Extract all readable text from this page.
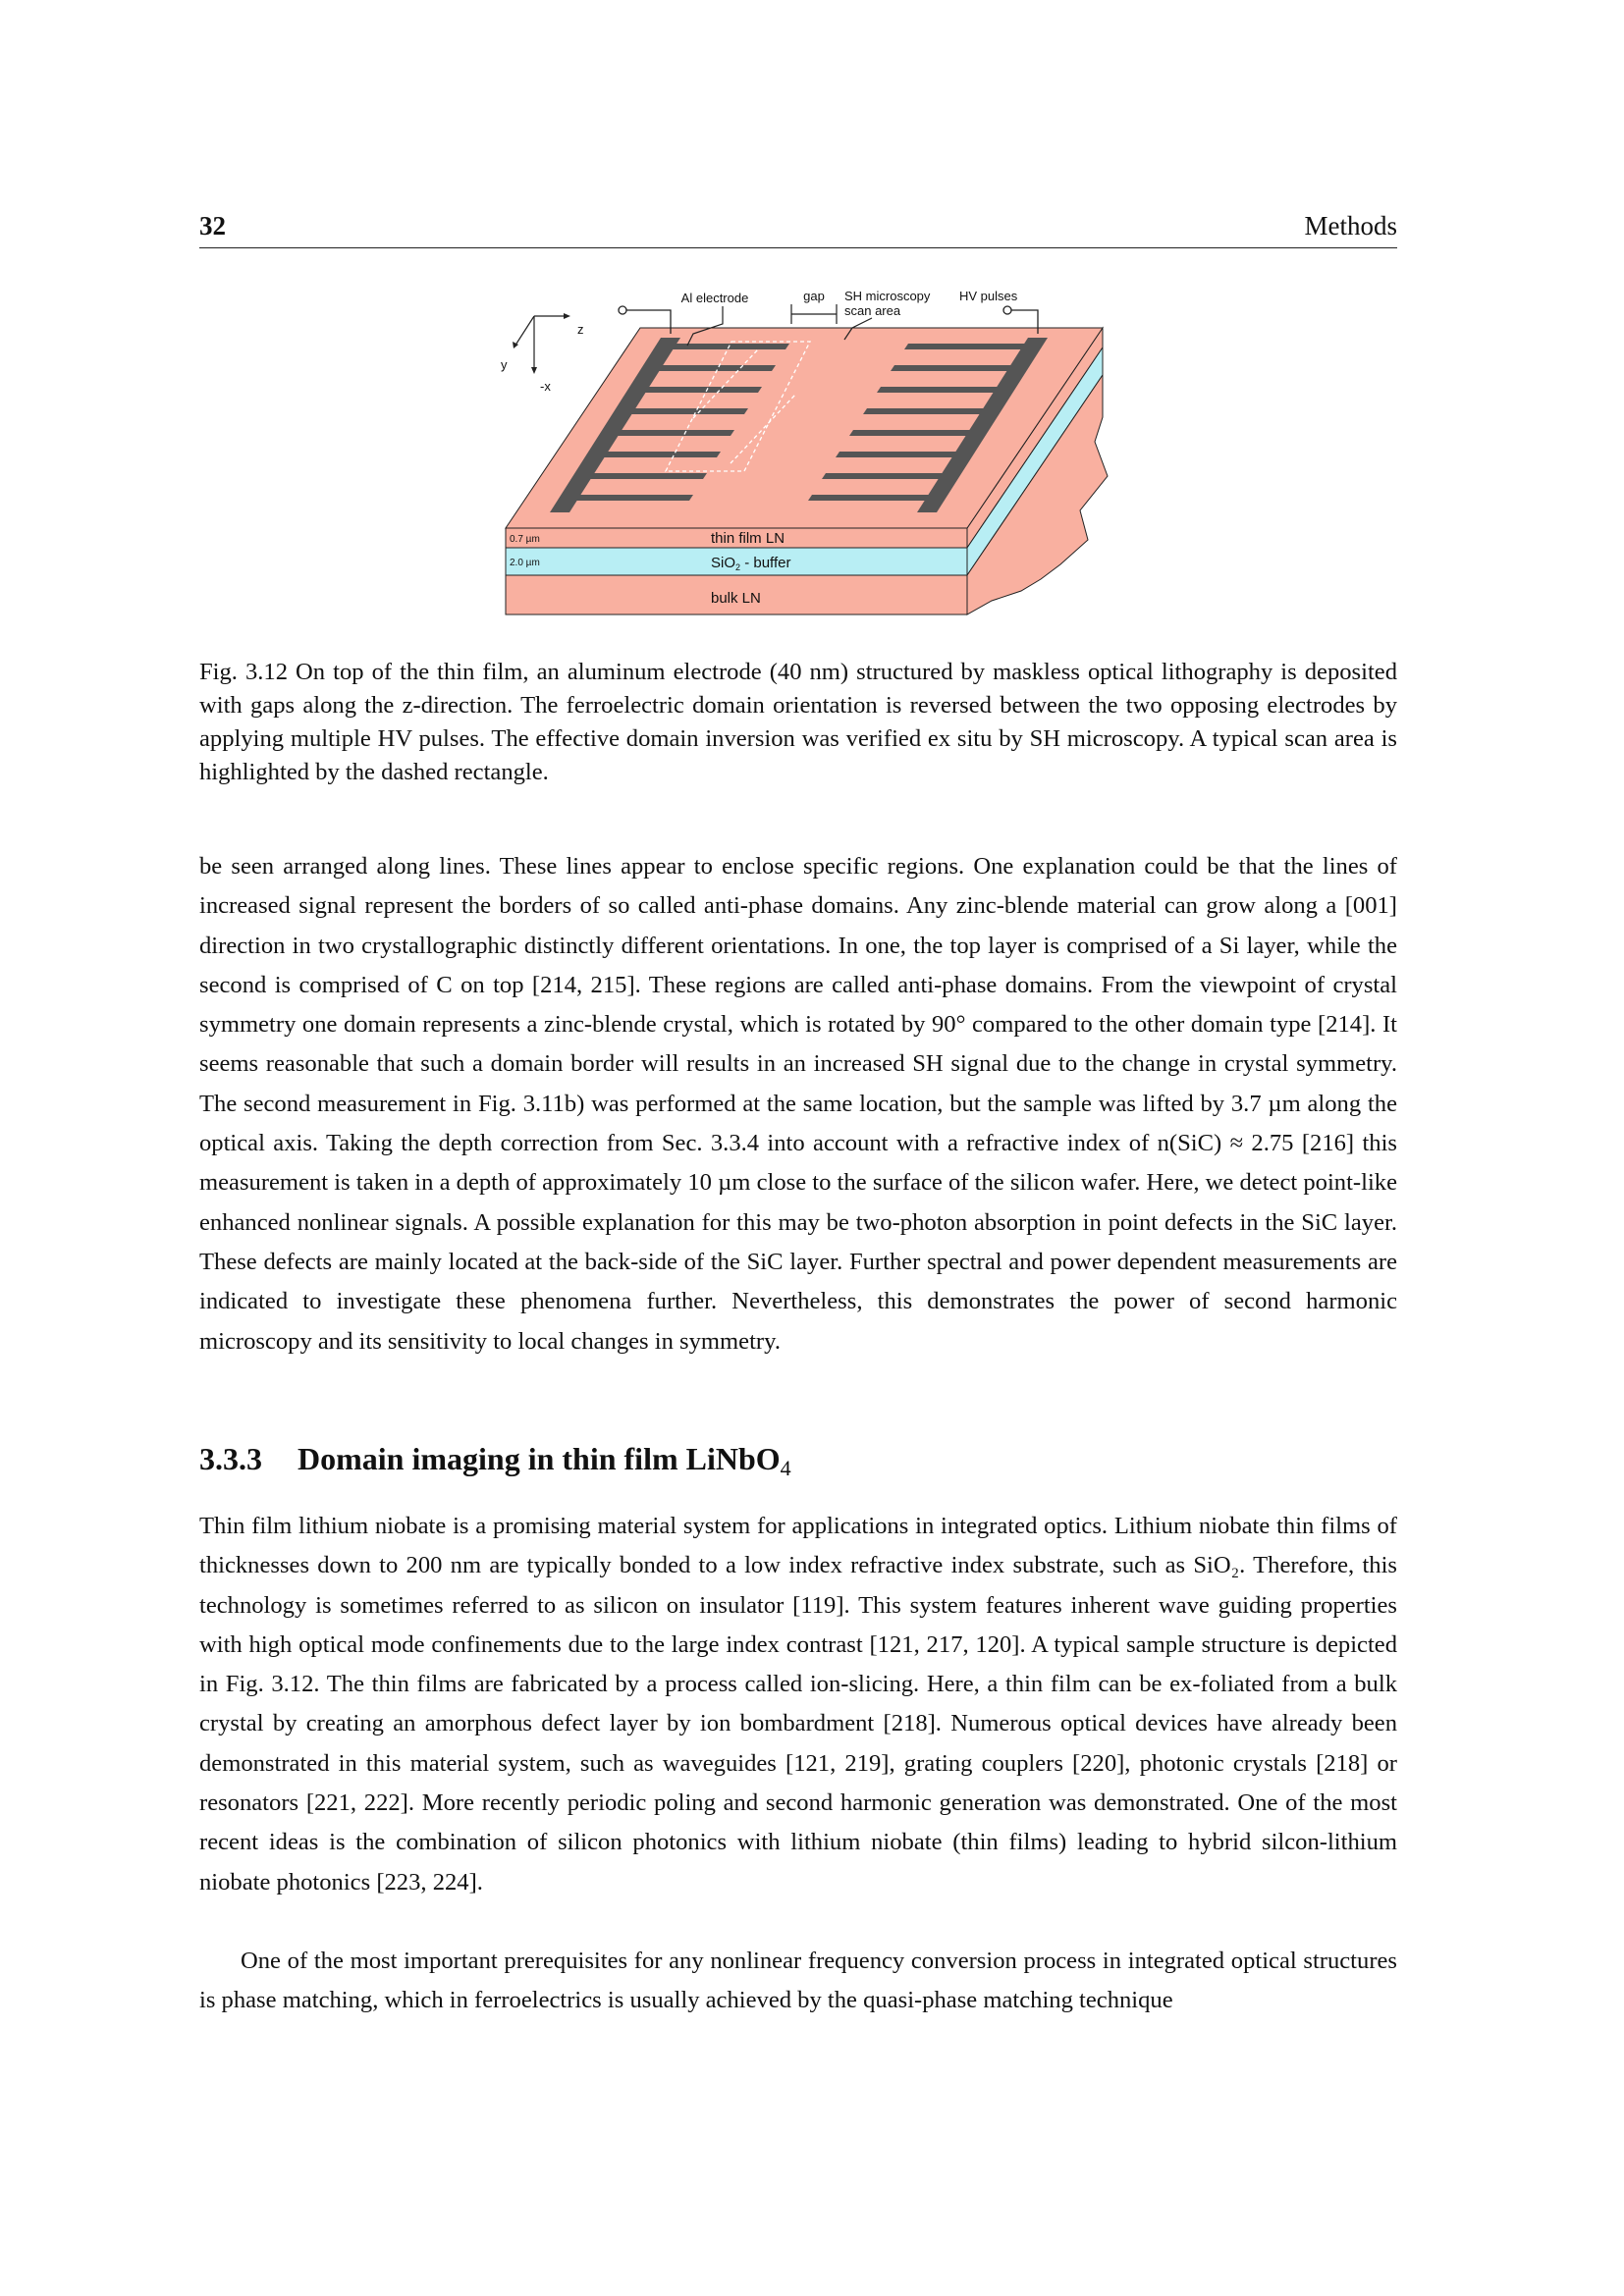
32	Methods
Al electrode	gap SH microscopy
scan area
HV pulses
z
y
-x
0.7 µm
2.0 µm
thin film LN
SiO$_2$ - buffer
bulk LN
Fig. 3.12 On top of the thin film, an aluminum electrode (40 nm) structured by maskless optical lithography is deposited with gaps along the z-direction. The ferroelectric domain orientation is reversed between the two opposing electrodes by applying multiple HV pulses. The effective domain inversion was verified ex situ by SH microscopy. A typical scan area is highlighted by the dashed rectangle.

be seen arranged along lines. These lines appear to enclose specific regions. One explanation could be that the lines of increased signal represent the borders of so called anti-phase domains. Any zinc-blende material can grow along a [001] direction in two crystallographic distinctly different orientations. In one, the top layer is comprised of a Si layer, while the second is comprised of C on top [214, 215]. These regions are called anti-phase domains. From the viewpoint of crystal symmetry one domain represents a zinc-blende crystal, which is rotated by 90° compared to the other domain type [214]. It seems reasonable that such a domain border will results in an increased SH signal due to the change in crystal symmetry. The second measurement in Fig. 3.11b) was performed at the same location, but the sample was lifted by 3.7 µm along the optical axis. Taking the depth correction from Sec. 3.3.4 into account with a refractive index of n(SiC) ≈ 2.75 [216] this measurement is taken in a depth of approximately 10 µm close to the surface of the silicon wafer. Here, we detect point-like enhanced nonlinear signals. A possible explanation for this may be two-photon absorption in point defects in the SiC layer. These defects are mainly located at the back-side of the SiC layer. Further spectral and power dependent measurements are indicated to investigate these phenomena further. Nevertheless, this demonstrates the power of second harmonic microscopy and its sensitivity to local changes in symmetry.

3.3.3 Domain imaging in thin film LiNbO$_4$

Thin film lithium niobate is a promising material system for applications in integrated optics. Lithium niobate thin films of thicknesses down to 200 nm are typically bonded to a low index refractive index substrate, such as SiO₂. Therefore, this technology is sometimes referred to as silicon on insulator [119]. This system features inherent wave guiding properties with high optical mode confinements due to the large index contrast [121, 217, 120]. A typical sample structure is depicted in Fig. 3.12. The thin films are fabricated by a process called ion-slicing. Here, a thin film can be ex-foliated from a bulk crystal by creating an amorphous defect layer by ion bombardment [218]. Numerous optical devices have already been demonstrated in this material system, such as waveguides [121, 219], grating couplers [220], photonic crystals [218] or resonators [221, 222]. More recently periodic poling and second harmonic generation was demonstrated. One of the most recent ideas is the combination of silicon photonics with lithium niobate (thin films) leading to hybrid silcon-lithium niobate photonics [223, 224].

One of the most important prerequisites for any nonlinear frequency conversion process in integrated optical structures is phase matching, which in ferroelectrics is usually achieved by the quasi-phase matching technique
